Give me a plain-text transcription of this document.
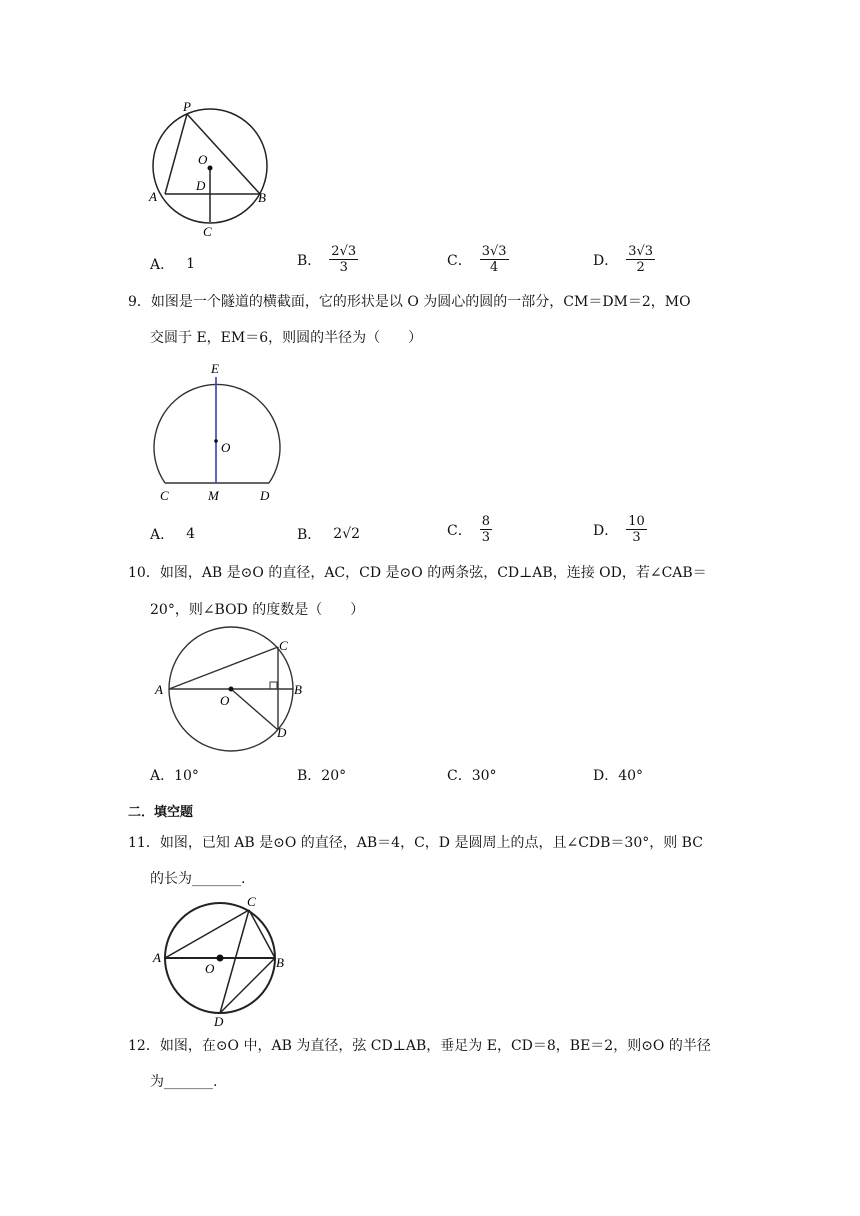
P
O
D
A	B
C
A． 1	B． $\frac{2√3}{3}$	C． $\frac{3√3}{4}$	D． $\frac{3√3}{2}$
9．如图是一个隧道的横截面，它的形状是以 O 为圆心的圆的一部分，CM＝DM＝2，MO
交圆于 E，EM＝6，则圆的半径为（　　）
E
O
C	M	D
A． 4	B． 2√2	C． $\frac{8}{3}$	D． $\frac{10}{3}$
10．如图，AB 是⊙O 的直径，AC，CD 是⊙O 的两条弦，CD⊥AB，连接 OD，若∠CAB＝
20°，则∠BOD 的度数是（　　）
A	B
C
D
O
A．10°	B．20°	C．30°	D．40°
二．填空题
11．如图，已知 AB 是⊙O 的直径，AB＝4，C，D 是圆周上的点，且∠CDB＝30°，则 BC
的长为_______.
A	B
C
D
O
12．如图，在⊙O 中，AB 为直径，弦 CD⊥AB，垂足为 E，CD＝8，BE＝2，则⊙O 的半径
为_______.
